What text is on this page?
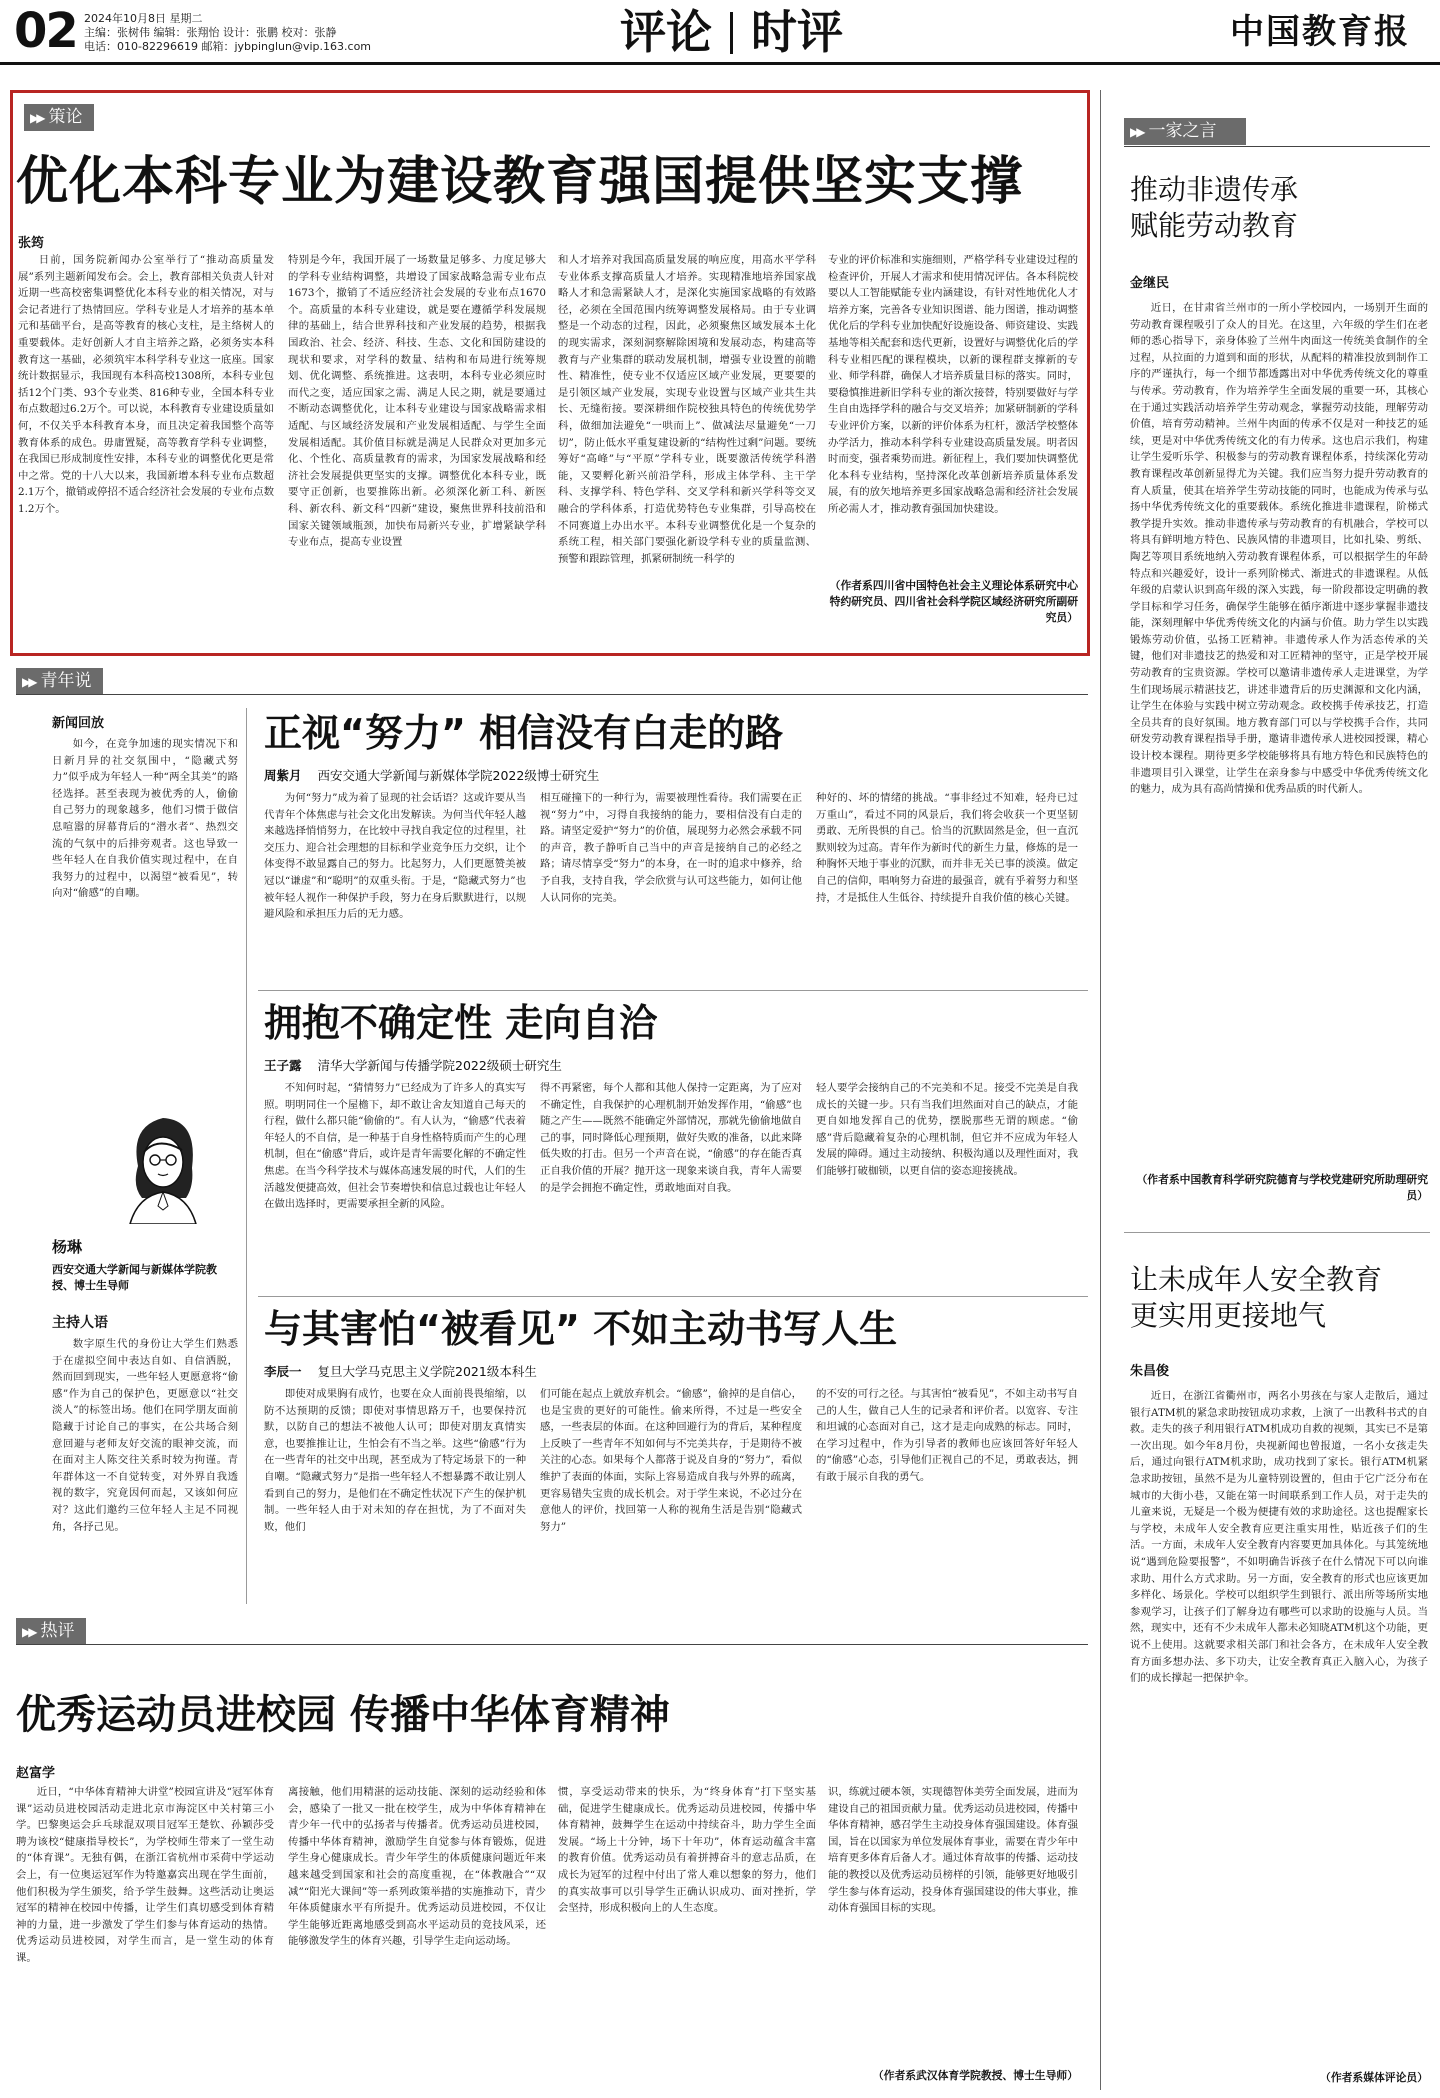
02 2024年10月8日 星期二
主编：张树伟 编辑：张翔怡 设计：张鹏 校对：张静
电话：010-82296619 邮箱：jybpinglun@vip.163.com	评论 时评	中国教育报
▶▶ 策论
优化本科专业为建设教育强国提供坚实支撑
张筠

日前，国务院新闻办公室举行了“推动高质量发展”系列主题新闻发布会。会上，教育部相关负责人针对近期一些高校密集调整优化本科专业的相关情况，对与会记者进行了热情回应。学科专业是人才培养的基本单元和基础平台，是高等教育的核心支柱，是主络树人的重要载体。走好创新人才自主培养之路，必须务实本科教育这一基础，必须筑牢本科学科专业这一底座。国家统计数据显示，我国现有本科高校1308所，本科专业包括12个门类、93个专业类、816种专业，全国本科专业布点数超过6.2万个。可以说，本科教育专业建设质量如何，不仅关乎本科教育本身，而且决定着我国整个高等教育体系的成色。毋庸置疑，高等教育学科专业调整，在我国已形成制度性安排，本科专业的调整优化更是常中之常。党的十八大以来，我国新增本科专业布点数超2.1万个，撤销或停招不适合经济社会发展的专业布点数1.2万个。

特别是今年，我国开展了一场数量足够多、力度足够大的学科专业结构调整，共增设了国家战略急需专业布点1673个，撤销了不适应经济社会发展的专业布点1670个。高质量的本科专业建设，就是要在遵循学科发展规律的基础上，结合世界科技和产业发展的趋势，根据我国政治、社会、经济、科技、生态、文化和国防建设的现状和要求，对学科的数量、结构和布局进行统筹规划、优化调整、系统推进。这表明，本科专业必须应时而代之变，适应国家之需、满足人民之期，就是要通过不断动态调整优化，让本科专业建设与国家战略需求相适配、与区域经济发展和产业发展相适配、与学生全面发展相适配。其价值目标就是满足人民群众对更加多元化、个性化、高质量教育的需求，为国家发展战略和经济社会发展提供更坚实的支撑。调整优化本科专业，既要守正创新，也要推陈出新。必须深化新工科、新医科、新农科、新文科“四新”建设，聚焦世界科技前沿和国家关键领域瓶颈，加快布局新兴专业，扩增紧缺学科专业布点，提高专业设置

和人才培养对我国高质量发展的响应度，用高水平学科专业体系支撑高质量人才培养。实现精准地培养国家战略人才和急需紧缺人才，是深化实施国家战略的有效路径，必须在全国范围内统筹调整发展格局。由于专业调整是一个动态的过程，因此，必须聚焦区域发展本土化的现实需求，深刻洞察解除困境和发展动态，构建高等教育与产业集群的联动发展机制，增强专业设置的前瞻性、精准性，使专业不仅适应区域产业发展，更要要的是引领区域产业发展，实现专业设置与区域产业共生共长、无缝衔接。要深耕细作院校独具特色的传统优势学科，做细加法避免“一哄而上”、做减法尽量避免“一刀切”，防止低水平重复建设新的“结构性过剩”问题。要统筹好“高峰”与“平原”学科专业，既要激活传统学科潜能，又要孵化新兴前沿学科，形成主体学科、主干学科、支撑学科、特色学科、交叉学科和新兴学科等交叉融合的学科体系，打造优势特色专业集群，引导高校在不同赛道上办出水平。本科专业调整优化是一个复杂的系统工程，相关部门要强化新设学科专业的质量监测、预警和跟踪管理，抓紧研制统一科学的

专业的评价标准和实施细则，严格学科专业建设过程的检查评价，开展人才需求和使用情况评估。各本科院校要以人工智能赋能专业内涵建设，有针对性地优化人才培养方案，完善各专业知识图谱、能力图谱，推动调整优化后的学科专业加快配好设施设备、师资建设、实践基地等相关配套和迭代更新，设置好与调整优化后的学科专业相匹配的课程模块，以新的课程群支撑新的专业、师学科群，确保人才培养质量目标的落实。同时，要稳慎推进新旧学科专业的渐次接替，特别要做好与学生自由选择学科的融合与交叉培养；加紧研制新的学科专业评价方案，以新的评价体系为杠杆，激活学校整体办学活力，推动本科学科专业建设高质量发展。明者因时而变，强者乘势而进。新征程上，我们要加快调整优化本科专业结构，坚持深化改革创新培养质量体系发展，有的放矢地培养更多国家战略急需和经济社会发展所必需人才，推动教育强国加快建设。

（作者系四川省中国特色社会主义理论体系研究中心特约研究员、四川省社会科学院区域经济研究所副研究员）
▶▶ 青年说
新闻回放

如今，在竞争加速的现实情况下和日新月异的社交氛围中，“隐藏式努力”似乎成为年轻人一种“两全其美”的路径选择。甚至表现为被优秀的人，偷偷自己努力的现象越多，他们习惯于做信息喧嚣的屏幕背后的“潜水者”、热烈交流的气氛中的后排旁观者。这也导致一些年轻人在自我价值实现过程中，在自我努力的过程中，以渴望“被看见”，转向对“偷感”的自嘲。

杨琳
西安交通大学新闻与新媒体学院教授、博士生导师
主持人语

数字原生代的身份让大学生们熟悉于在虚拟空间中表达自如、自信洒脱，然而回到现实，一些年轻人更愿意将“偷感”作为自己的保护色，更愿意以“社交淡人”的标签出场。他们在同学朋友面前隐藏于讨论自己的事实，在公共场合刻意回避与老师友好交流的眼神交流，而在面对主人陈交往关系时较为拘谨。青年群体这一不自觉转变，对外界自我透视的数字，究竟因何而起，又该如何应对？这此们邀约三位年轻人主足不同视角，各抒己见。

正视“努力” 相信没有白走的路
周紫月 西安交通大学新闻与新媒体学院2022级博士研究生

为何“努力”成为着了显现的社会话语？这或许要从当代青年个体焦虑与社会文化出发解读。为何当代年轻人越来越选择悄悄努力，在比较中寻找自我定位的过程里，社交压力、迎合社会理想的目标和学业竞争压力交织，让个体变得不敢显露自己的努力。比起努力，人们更愿赞美被冠以“谦虚”和“聪明”的双重头衔。于是，“隐藏式努力”也被年轻人视作一种保护手段，努力在身后默默进行，以规避风险和承担压力后的无力感。

相互碰撞下的一种行为，需要被理性看待。我们需要在正视“努力”中，习得自我接纳的能力，要相信没有白走的路。请坚定爱护“努力”的价值，展现努力必然会承载不同的声音，教子静听自己当中的声音是接纳自己的必经之路；请尽情享受“努力”的本身，在一时的追求中修养，给予自我，支持自我，学会欣赏与认可这些能力，如何让他人认同你的完美。

种好的、坏的情绪的挑战。“事非经过不知难，轻舟已过万重山”，看过不同的风景后，我们将会收获一个更坚韧勇敢、无所畏惧的自己。恰当的沉默固然是金，但一直沉默则较为过高。青年作为新时代的新生力量，修炼的是一种胸怀天地于事业的沉默，而并非无关已事的淡漠。做定自己的信仰，唱响努力奋进的最强音，就有乎着努力和坚持，才是抵住人生低谷、持续提升自我价值的核心关键。

拥抱不确定性 走向自洽
王子露 清华大学新闻与传播学院2022级硕士研究生

不知何时起，“猜情努力”已经成为了许多人的真实写照。明明同住一个屋檐下，却不敢让舍友知道自己每天的行程，做什么都只能“偷偷的”。有人认为，“偷感”代表着年轻人的不自信，是一种基于自身性格特质而产生的心理机制，但在“偷感”背后，或许是青年需要化解的不确定性焦虑。在当今科学技术与媒体高速发展的时代，人们的生活越发便捷高效，但社会节奏增快和信息过载也让年轻人在做出选择时，更需要承担全新的风险。

得不再紧密，每个人都和其他人保持一定距离，为了应对不确定性，自我保护的心理机制开始发挥作用，“偷感”也随之产生——既然不能确定外部情况，那就先偷偷地做自己的事，同时降低心理预期，做好失败的准备，以此来降低失败的打击。但另一个声音在说，“偷感”的存在能否真正自我价值的开展？抛开这一现象来谈自我，青年人需要的是学会拥抱不确定性，勇敢地面对自我。

轻人要学会接纳自己的不完美和不足。接受不完美是自我成长的关键一步。只有当我们坦然面对自己的缺点，才能更自如地发挥自己的优势，摆脱那些无谓的顾虑。“偷感”背后隐藏着复杂的心理机制，但它并不应成为年轻人发展的障碍。通过主动接纳、积极沟通以及理性面对，我们能够打破枷锁，以更自信的姿态迎接挑战。

与其害怕“被看见” 不如主动书写人生
李辰一 复旦大学马克思主义学院2021级本科生

即使对成果胸有成竹，也要在众人面前畏畏缩缩，以防不达预期的反馈；即使对事情思路万千，也要保持沉默，以防自己的想法不被他人认可；即使对朋友真情实意，也要推推让让，生怕会有不当之举。这些“偷感”行为在一些青年的社交中出现，甚至成为了特定场景下的一种自嘲。“隐藏式努力”是指一些年轻人不想暴露不敢让别人看到自己的努力，是他们在不确定性状况下产生的保护机制。一些年轻人由于对未知的存在担忧，为了不面对失败，他们

们可能在起点上就放弃机会。“偷感”，偷掉的是自信心，也是宝贵的更好的可能性。偷来所得，不过是一些安全感，一些表层的体面。在这种回避行为的背后，某种程度上反映了一些青年不知如何与不完美共存，于是期待不被关注的心态。如果每个人都落于说及自身的“努力”，看似维护了表面的体面，实际上容易造成自我与外界的疏离，更容易错失宝贵的成长机会。对于学生来说，不必过分在意他人的评价，找回第一人称的视角生活是告别“隐藏式努力”

的不安的可行之径。与其害怕“被看见”，不如主动书写自己的人生，做自己人生的记录者和评价者。以宽容、专注和坦诚的心态面对自己，这才是走向成熟的标志。同时，在学习过程中，作为引导者的教师也应该回答好年轻人的“偷感”心态，引导他们正视自己的不足，勇敢表达，拥有敢于展示自我的勇气。

▶▶ 热评
优秀运动员进校园 传播中华体育精神
赵富学

近日，“中华体育精神大讲堂”校园宣讲及“冠军体育课”运动员进校园活动走进北京市海淀区中关村第三小学。巴黎奥运会乒乓球混双项目冠军王楚钦、孙颖莎受聘为该校“健康指导校长”，为学校师生带来了一堂生动的“体育课”。无独有偶，在浙江省杭州市采荷中学运动会上，有一位奥运冠军作为特邀嘉宾出现在学生面前，他们积极为学生颁奖，给予学生鼓舞。这些活动让奥运冠军的精神在校园中传播，让学生们真切感受到体育精神的力量，进一步激发了学生们参与体育运动的热情。优秀运动员进校园，对学生而言，是一堂生动的体育课。

离接触，他们用精湛的运动技能、深刻的运动经验和体会，感染了一批又一批在校学生，成为中华体育精神在青少年一代中的弘扬者与传播者。优秀运动员进校园，传播中华体育精神，激励学生自觉参与体育锻炼，促进学生身心健康成长。青少年学生的体质健康问题近年来越来越受到国家和社会的高度重视，在“体教融合”“双减”“阳光大课间”等一系列政策举措的实施推动下，青少年体质健康水平有所提升。优秀运动员进校园，不仅让学生能够近距离地感受到高水平运动员的竞技风采，还能够激发学生的体育兴趣，引导学生走向运动场。

惯，享受运动带来的快乐，为“终身体育”打下坚实基础，促进学生健康成长。优秀运动员进校园，传播中华体育精神，鼓舞学生在运动中持续奋斗，助力学生全面发展。“场上十分钟，场下十年功”，体育运动蕴含丰富的教育价值。优秀运动员有着拼搏奋斗的意志品质，在成长为冠军的过程中付出了常人难以想象的努力，他们的真实故事可以引导学生正确认识成功、面对挫折，学会坚持，形成积极向上的人生态度。

识，练就过硬本领，实现德智体美劳全面发展，进而为建设自己的祖国贡献力量。优秀运动员进校园，传播中华体育精神，感召学生主动投身体育强国建设。体育强国，旨在以国家为单位发展体育事业，需要在青少年中培育更多体育后备人才。通过体育故事的传播、运动技能的教授以及优秀运动员榜样的引领，能够更好地吸引学生参与体育运动，投身体育强国建设的伟大事业，推动体育强国目标的实现。

（作者系武汉体育学院教授、博士生导师）
▶▶ 一家之言
推动非遗传承
赋能劳动教育
金继民

近日，在甘肃省兰州市的一所小学校园内，一场别开生面的劳动教育课程吸引了众人的目光。在这里，六年级的学生们在老师的悉心指导下，亲身体验了兰州牛肉面这一传统美食制作的全过程，从拉面的力道到和面的形状，从配料的精准投放到制作工序的严谨执行，每一个细节都透露出对中华优秀传统文化的尊重与传承。劳动教育，作为培养学生全面发展的重要一环，其核心在于通过实践活动培养学生劳动观念，掌握劳动技能，理解劳动价值，培育劳动精神。兰州牛肉面的传承不仅是对一种技艺的延续，更是对中华优秀传统文化的有力传承。这也启示我们，构建让学生爱听乐学、积极参与的劳动教育课程体系，持续深化劳动教育课程改革创新显得尤为关键。我们应当努力提升劳动教育的育人质量，使其在培养学生劳动技能的同时，也能成为传承与弘扬中华优秀传统文化的重要载体。系统化推进非遗课程，阶梯式教学提升实效。推动非遗传承与劳动教育的有机融合，学校可以将具有鲜明地方特色、民族风情的非遗项目，比如扎染、剪纸、陶艺等项目系统地纳入劳动教育课程体系，可以根据学生的年龄特点和兴趣爱好，设计一系列阶梯式、渐进式的非遗课程。从低年级的启蒙认识到高年级的深入实践，每一阶段都设定明确的教学目标和学习任务，确保学生能够在循序渐进中逐步掌握非遗技能，深刻理解中华优秀传统文化的内涵与价值。助力学生以实践锻炼劳动价值，弘扬工匠精神。非遗传承人作为活态传承的关键，他们对非遗技艺的热爱和对工匠精神的坚守，正是学校开展劳动教育的宝贵资源。学校可以邀请非遗传承人走进课堂，为学生们现场展示精湛技艺，讲述非遗背后的历史渊源和文化内涵，让学生在体验与实践中树立劳动观念。政校携手传承技艺，打造全员共育的良好氛围。地方教育部门可以与学校携手合作，共同研发劳动教育课程指导手册，邀请非遗传承人进校园授课，精心设计校本课程。期待更多学校能够将具有地方特色和民族特色的非遗项目引入课堂，让学生在亲身参与中感受中华优秀传统文化的魅力，成为具有高尚情操和优秀品质的时代新人。

（作者系中国教育科学研究院德育与学校党建研究所助理研究员）
让未成年人安全教育
更实用更接地气
朱昌俊

近日，在浙江省衢州市，两名小男孩在与家人走散后，通过银行ATM机的紧急求助按钮成功求救，上演了一出教科书式的自救。走失的孩子利用银行ATM机成功自救的视频，其实已不是第一次出现。如今年8月份，央视新闻也曾报道，一名小女孩走失后，通过向银行ATM机求助，成功找到了家长。银行ATM机紧急求助按钮，虽然不是为儿童特别设置的，但由于它广泛分布在城市的大街小巷，又能在第一时间联系到工作人员，对于走失的儿童来说，无疑是一个极为便捷有效的求助途径。这也提醒家长与学校，未成年人安全教育应更注重实用性，贴近孩子们的生活。一方面，未成年人安全教育内容要更加具体化。与其笼统地说“遇到危险要报警”，不如明确告诉孩子在什么情况下可以向谁求助、用什么方式求助。另一方面，安全教育的形式也应该更加多样化、场景化。学校可以组织学生到银行、派出所等场所实地参观学习，让孩子们了解身边有哪些可以求助的设施与人员。当然，现实中，还有不少未成年人都未必知晓ATM机这个功能，更说不上使用。这就要求相关部门和社会各方，在未成年人安全教育方面多想办法、多下功夫，让安全教育真正入脑入心，为孩子们的成长撑起一把保护伞。

（作者系媒体评论员）
